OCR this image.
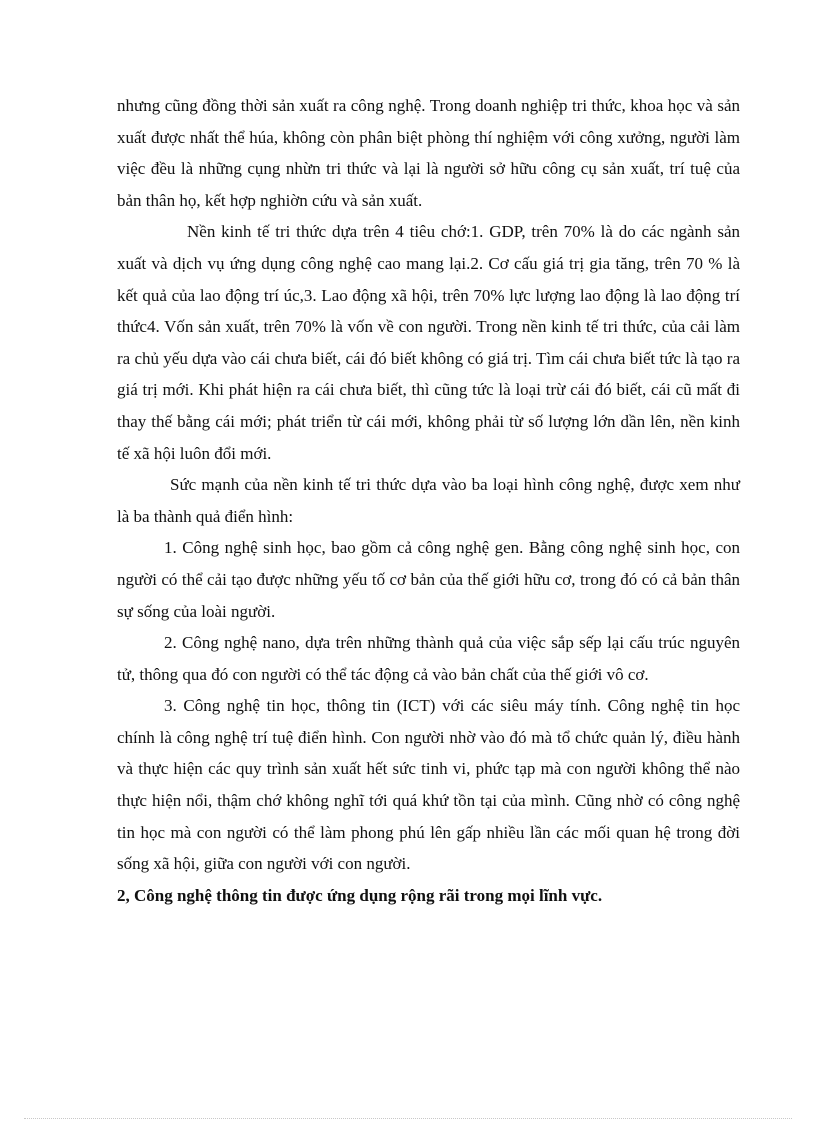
nhưng cũng đồng thời sản xuất ra công nghệ. Trong doanh nghiệp tri thức, khoa học và sản xuất được nhất thể húa, không còn phân biệt phòng thí nghiệm với công xưởng, người làm việc đều là những cụng nhừn tri thức và lại là người sở hữu công cụ sản xuất, trí tuệ của bản thân họ, kết hợp nghiờn cứu và sản xuất.

Nền kinh tế tri thức dựa trên 4 tiêu chớ:1. GDP, trên 70% là do các ngành sản xuất và dịch vụ ứng dụng công nghệ cao mang lại.2. Cơ cấu giá trị gia tăng, trên 70 % là kết quả của lao động trí úc,3. Lao động xã hội, trên 70% lực lượng lao động là lao động trí thức4. Vốn sản xuất, trên 70% là vốn về con người. Trong nền kinh tế tri thức, của cải làm ra chủ yếu dựa vào cái chưa biết, cái đó biết không có giá trị. Tìm cái chưa biết tức là tạo ra giá trị mới. Khi phát hiện ra cái chưa biết, thì cũng tức là loại trừ cái đó biết, cái cũ mất đi thay thế bằng cái mới; phát triển từ cái mới, không phải từ số lượng lớn dần lên, nền kinh tế xã hội luôn đổi mới.

Sức mạnh của nền kinh tế tri thức dựa vào ba loại hình công nghệ, được xem như là ba thành quả điển hình:

1. Công nghệ sinh học, bao gồm cả công nghệ gen. Bằng công nghệ sinh học, con người có thể cải tạo được những yếu tố cơ bản của thế giới hữu cơ, trong đó có cả bản thân sự sống của loài người.

2. Công nghệ nano, dựa trên những thành quả của việc sắp sếp lại cấu trúc nguyên tử, thông qua đó con người có thể tác động cả vào bản chất của thế giới vô cơ.

3. Công nghệ tin học, thông tin (ICT) với các siêu máy tính. Công nghệ tin học chính là công nghệ trí tuệ điển hình. Con người nhờ vào đó mà tổ chức quản lý, điều hành và thực hiện các quy trình sản xuất hết sức tinh vi, phức tạp mà con người không thể nào thực hiện nổi, thậm chớ không nghĩ tới quá khứ tồn tại của mình. Cũng nhờ có công nghệ tin học mà con người có thể làm phong phú lên gấp nhiều lần các mối quan hệ trong đời sống xã hội, giữa con người với con người.

2, Công nghệ thông tin được ứng dụng rộng rãi trong mọi lĩnh vực.
